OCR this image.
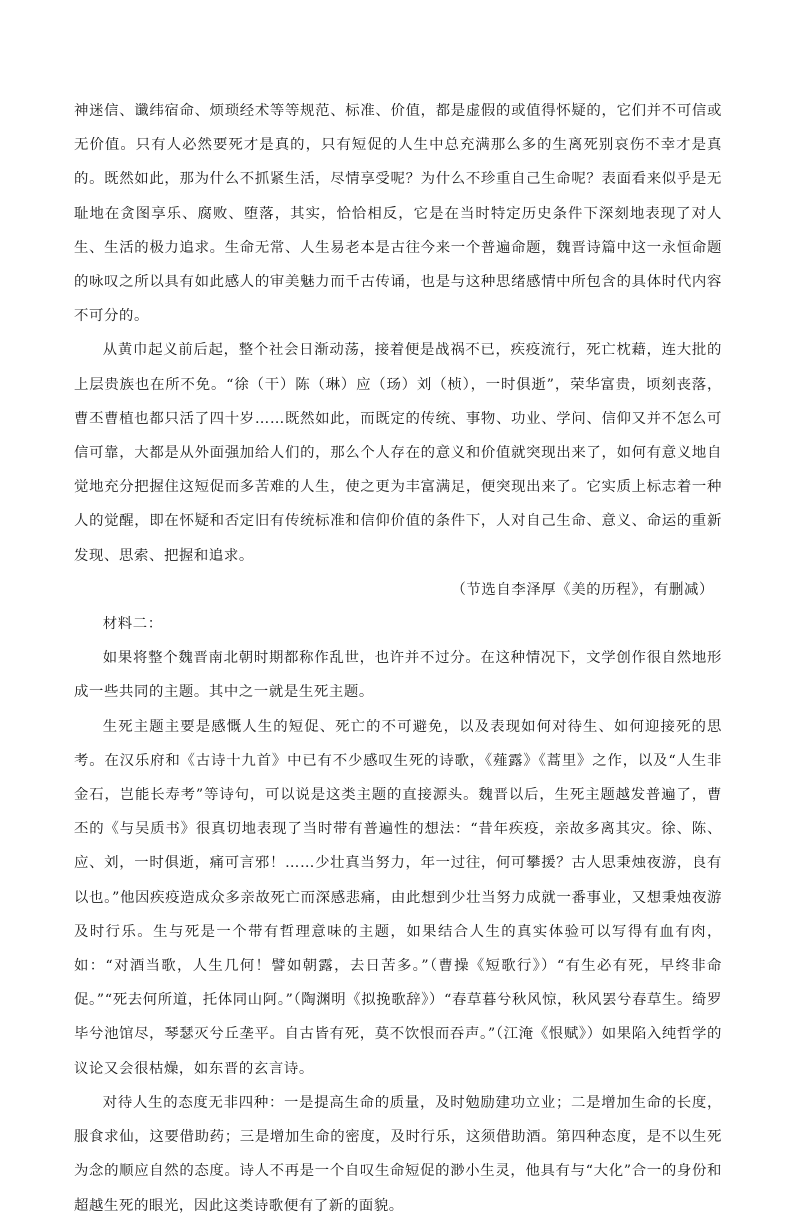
神迷信、谶纬宿命、烦琐经术等等规范、标准、价值，都是虚假的或值得怀疑的，它们并不可信或无价值。只有人必然要死才是真的，只有短促的人生中总充满那么多的生离死别哀伤不幸才是真的。既然如此，那为什么不抓紧生活，尽情享受呢？为什么不珍重自己生命呢？表面看来似乎是无耻地在贪图享乐、腐败、堕落，其实，恰恰相反，它是在当时特定历史条件下深刻地表现了对人生、生活的极力追求。生命无常、人生易老本是古往今来一个普遍命题，魏晋诗篇中这一永恒命题的咏叹之所以具有如此感人的审美魅力而千古传诵，也是与这种思绪感情中所包含的具体时代内容不可分的。

从黄巾起义前后起，整个社会日渐动荡，接着便是战祸不已，疾疫流行，死亡枕藉，连大批的上层贵族也在所不免。“徐（干）陈（琳）应（玚）刘（桢），一时俱逝”，荣华富贵，顷刻丧落，曹丕曹植也都只活了四十岁……既然如此，而既定的传统、事物、功业、学问、信仰又并不怎么可信可靠，大都是从外面强加给人们的，那么个人存在的意义和价值就突现出来了，如何有意义地自觉地充分把握住这短促而多苦难的人生，使之更为丰富满足，便突现出来了。它实质上标志着一种人的觉醒，即在怀疑和否定旧有传统标准和信仰价值的条件下，人对自己生命、意义、命运的重新发现、思索、把握和追求。

（节选自李泽厚《美的历程》，有删减）

材料二：

如果将整个魏晋南北朝时期都称作乱世，也许并不过分。在这种情况下，文学创作很自然地形成一些共同的主题。其中之一就是生死主题。

生死主题主要是感慨人生的短促、死亡的不可避免，以及表现如何对待生、如何迎接死的思考。在汉乐府和《古诗十九首》中已有不少感叹生死的诗歌，《薤露》《蒿里》之作，以及“人生非金石，岂能长寿考”等诗句，可以说是这类主题的直接源头。魏晋以后，生死主题越发普遍了，曹丕的《与吴质书》很真切地表现了当时带有普遍性的想法：“昔年疾疫，亲故多离其灾。徐、陈、应、刘，一时俱逝，痛可言邪！……少壮真当努力，年一过往，何可攀援？古人思秉烛夜游，良有以也。”他因疾疫造成众多亲故死亡而深感悲痛，由此想到少壮当努力成就一番事业，又想秉烛夜游及时行乐。生与死是一个带有哲理意味的主题，如果结合人生的真实体验可以写得有血有肉，如：“对酒当歌，人生几何！譬如朝露，去日苦多。”（曹操《短歌行》）“有生必有死，早终非命促。”“死去何所道，托体同山阿。”（陶渊明《拟挽歌辞》）“春草暮兮秋风惊，秋风罢兮春草生。绮罗毕兮池馆尽，琴瑟灭兮丘垄平。自古皆有死，莫不饮恨而吞声。”（江淹《恨赋》）如果陷入纯哲学的议论又会很枯燥，如东晋的玄言诗。

对待人生的态度无非四种：一是提高生命的质量，及时勉励建功立业；二是增加生命的长度，服食求仙，这要借助药；三是增加生命的密度，及时行乐，这须借助酒。第四种态度，是不以生死为念的顺应自然的态度。诗人不再是一个自叹生命短促的渺小生灵，他具有与“大化”合一的身份和超越生死的眼光，因此这类诗歌便有了新的面貌。
